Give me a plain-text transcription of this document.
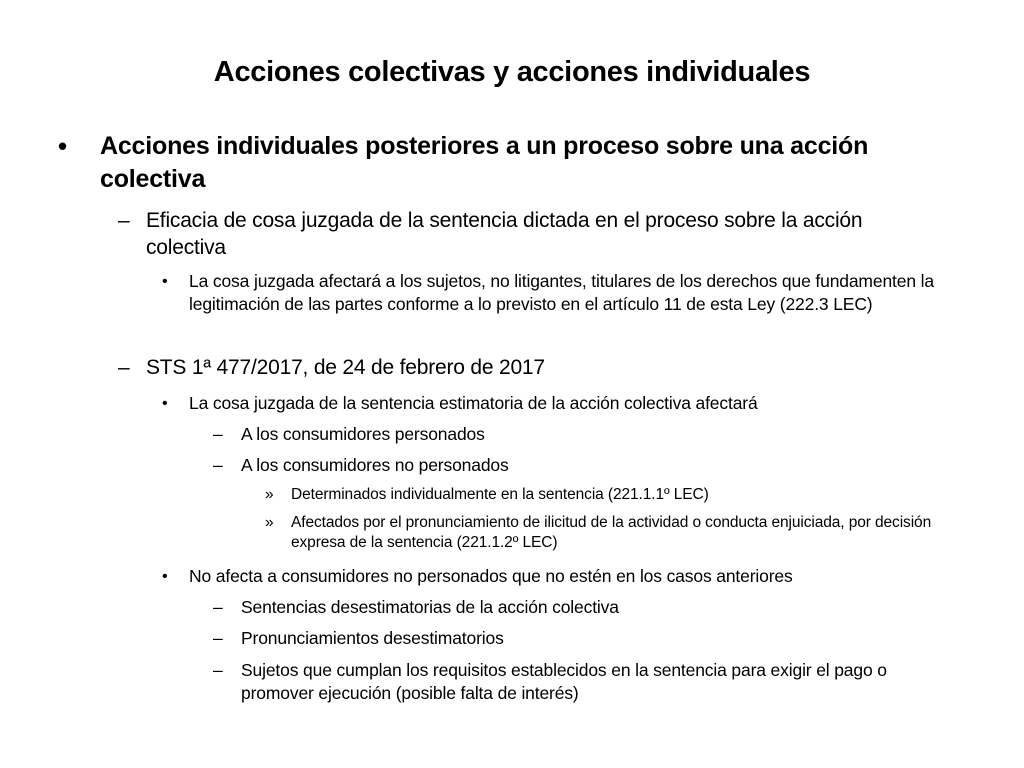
Acciones colectivas y acciones individuales
•	Acciones individuales posteriores a un proceso sobre una acción colectiva
– Eficacia de cosa juzgada de la sentencia dictada en el proceso sobre la acción colectiva
•	La cosa juzgada afectará a los sujetos, no litigantes, titulares de los derechos que fundamenten la legitimación de las partes conforme a lo previsto en el artículo 11 de esta Ley (222.3 LEC)
– STS 1ª 477/2017, de 24 de febrero de 2017
•	La cosa juzgada de la sentencia estimatoria de la acción colectiva afectará
–	A los consumidores personados
–	A los consumidores no personados
»	Determinados individualmente en la sentencia (221.1.1º LEC)
»	Afectados por el pronunciamiento de ilicitud de la actividad o conducta enjuiciada, por decisión expresa de la sentencia (221.1.2º LEC)
•	No afecta a consumidores no personados que no estén en los casos anteriores
–	Sentencias desestimatorias de la acción colectiva
–	Pronunciamientos desestimatorios
–	Sujetos que cumplan los requisitos establecidos en la sentencia para exigir el pago o promover ejecución (posible falta de interés)
